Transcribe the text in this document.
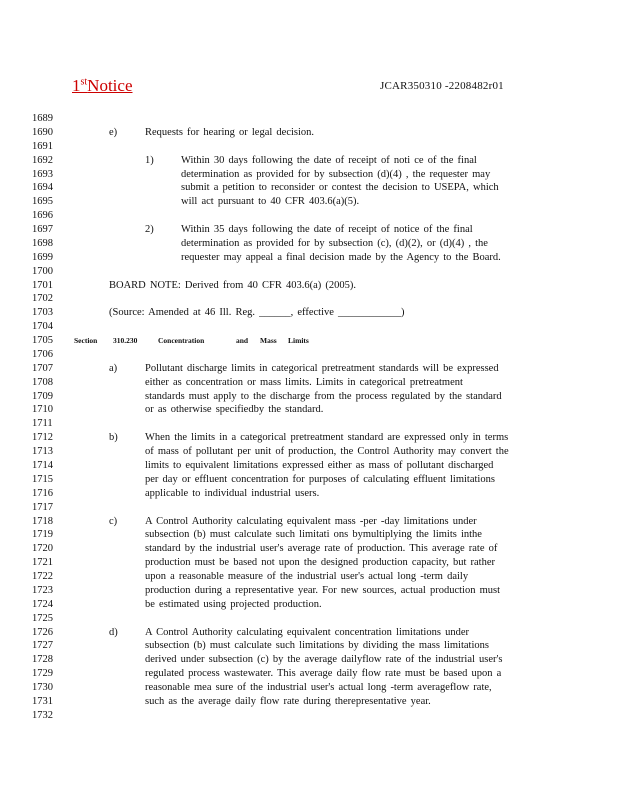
1stNotice	JCAR350310 -2208482r01
1689
1690	e)	Requests for hearing or legal decision.
1691
1692	1)	Within 30 days following the date of receipt of noti ce of the final
1693	determination as provided for by subsection (d)(4) , the requester may
1694	submit a petition to reconsider or contest the decision to USEPA, which
1695	will act pursuant to 40 CFR 403.6(a)(5).
1696
1697	2)	Within 35 days following the date of receipt of notice of the final
1698	determination as provided for by subsection (c), (d)(2), or (d)(4) , the
1699	requester may appeal a final decision made by the Agency to the Board.
1700
1701	BOARD NOTE: Derived from 40 CFR 403.6(a) (2005).
1702
1703	(Source: Amended at 46 Ill. Reg. ______, effective ____________)
1704
1705	Section 310.230	Concentration	and Mass Limits
1706
1707	a)	Pollutant discharge limits in categorical pretreatment standards will be expressed
1708	either as concentration or mass limits. Limits in categorical pretreatment
1709	standards must apply to the discharge from the process regulated by the standard
1710	or as otherwise specifiedby the standard.
1711
1712	b)	When the limits in a categorical pretreatment standard are expressed only in terms
1713	of mass of pollutant per unit of production, the Control Authority may convert the
1714	limits to equivalent limitations expressed either as mass of pollutant discharged
1715	per day or effluent concentration for purposes of calculating effluent limitations
1716	applicable to individual industrial users.
1717
1718	c)	A Control Authority calculating equivalent mass -per -day limitations under
1719	subsection (b) must calculate such limitati ons bymultiplying the limits inthe
1720	standard by the industrial user's average rate of production. This average rate of
1721	production must be based not upon the designed production capacity, but rather
1722	upon a reasonable measure of the industrial user's actual long -term daily
1723	production during a representative year. For new sources, actual production must
1724	be estimated using projected production.
1725
1726	d)	A Control Authority calculating equivalent concentration limitations under
1727	subsection (b) must calculate such limitations by dividing the mass limitations
1728	derived under subsection (c) by the average dailyflow rate of the industrial user's
1729	regulated process wastewater. This average daily flow rate must be based upon a
1730	reasonable mea sure of the industrial user's actual long -term averageflow rate,
1731	such as the average daily flow rate during therepresentative year.
1732
